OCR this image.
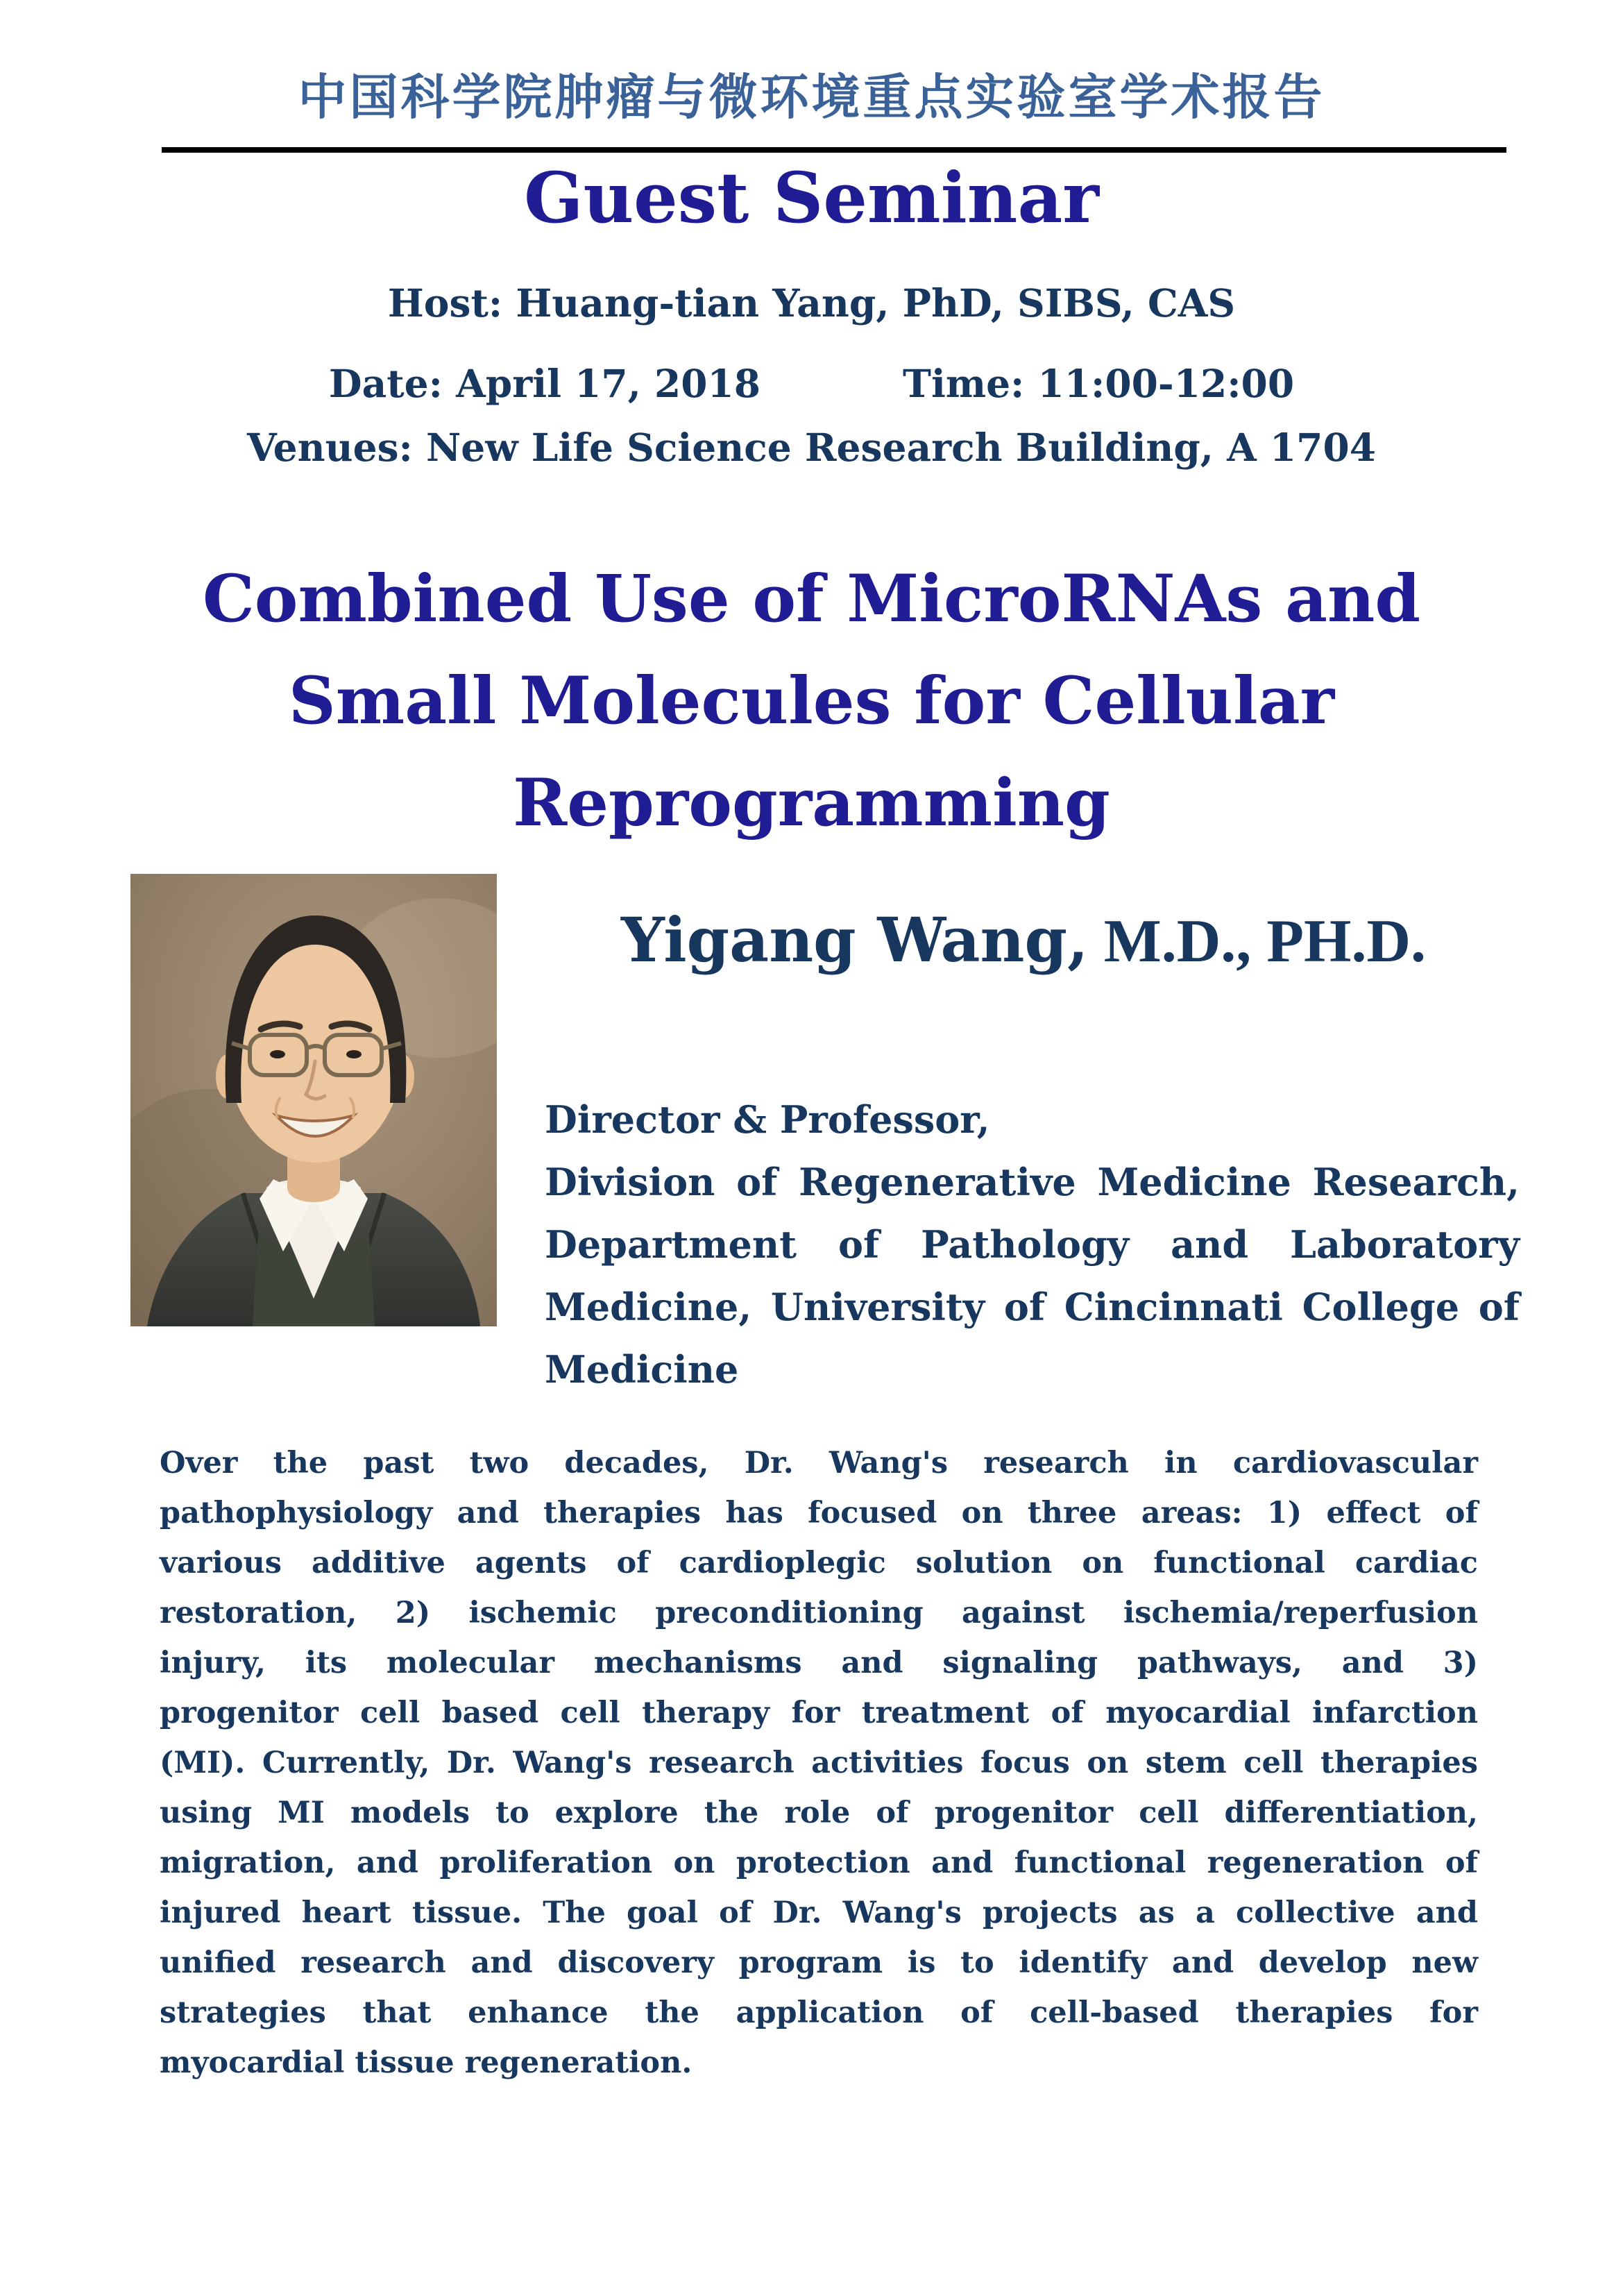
中国科学院肿瘤与微环境重点实验室学术报告
Guest Seminar
Host: Huang-tian Yang, PhD, SIBS, CAS
Date: April 17, 2018	Time: 11:00-12:00
Venues: New Life Science Research Building, A 1704
Combined Use of MicroRNAs and
Small Molecules for Cellular
Reprogramming
Yigang Wang, M.D., PH.D.
Director & Professor,
Division of Regenerative Medicine Research,
Department of Pathology and Laboratory
Medicine, University of Cincinnati College of
Medicine
Over the past two decades, Dr. Wang's research in cardiovascular
pathophysiology and therapies has focused on three areas: 1) effect of
various additive agents of cardioplegic solution on functional cardiac
restoration, 2) ischemic preconditioning against ischemia/reperfusion
injury, its molecular mechanisms and signaling pathways, and 3)
progenitor cell based cell therapy for treatment of myocardial infarction
(MI). Currently, Dr. Wang's research activities focus on stem cell therapies
using MI models to explore the role of progenitor cell differentiation,
migration, and proliferation on protection and functional regeneration of
injured heart tissue. The goal of Dr. Wang's projects as a collective and
unified research and discovery program is to identify and develop new
strategies that enhance the application of cell-based therapies for
myocardial tissue regeneration.
